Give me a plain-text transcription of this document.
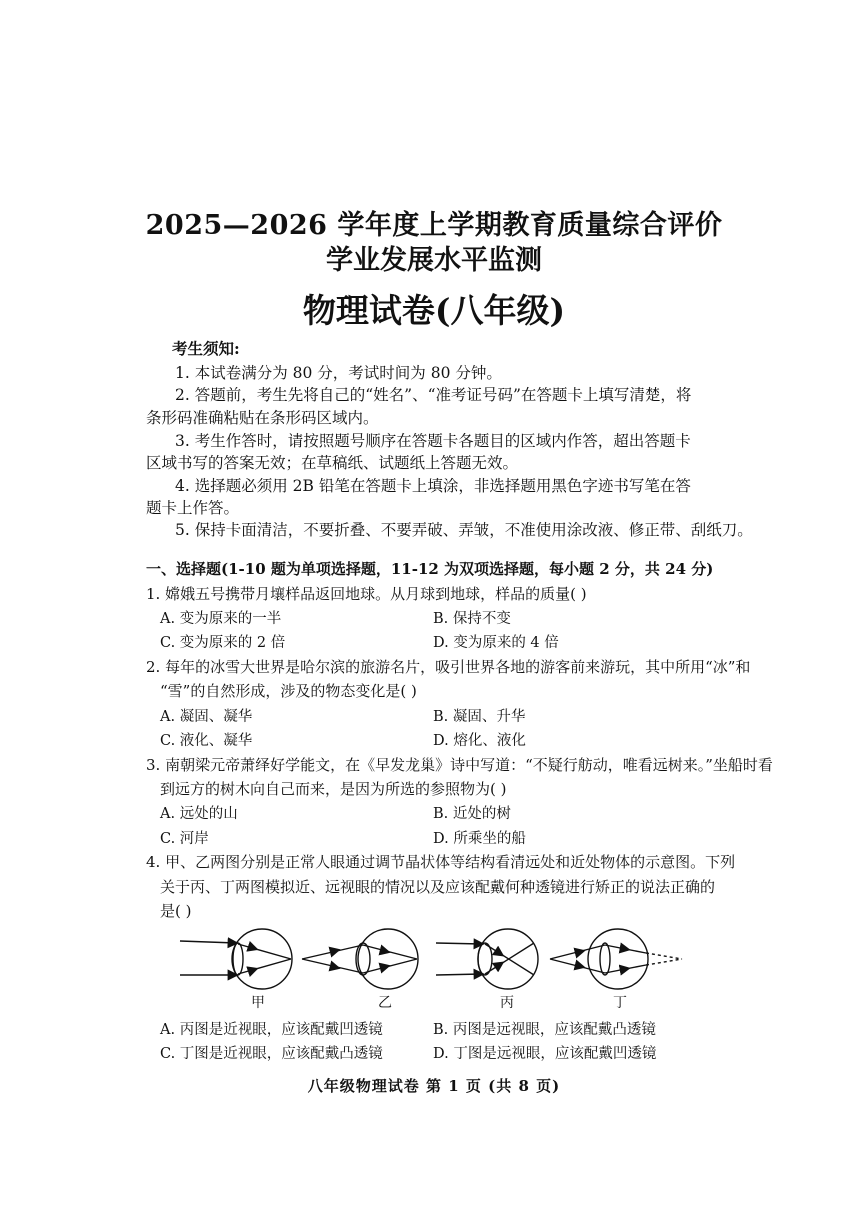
2025—2026 学年度上学期教育质量综合评价
学业发展水平监测
物理试卷(八年级)
考生须知:
1. 本试卷满分为 80 分，考试时间为 80 分钟。
2. 答题前，考生先将自己的“姓名”、“准考证号码”在答题卡上填写清楚，将
条形码准确粘贴在条形码区域内。
3. 考生作答时，请按照题号顺序在答题卡各题目的区域内作答，超出答题卡
区域书写的答案无效；在草稿纸、试题纸上答题无效。
4. 选择题必须用 2B 铅笔在答题卡上填涂，非选择题用黑色字迹书写笔在答
题卡上作答。
5. 保持卡面清洁，不要折叠、不要弄破、弄皱，不准使用涂改液、修正带、刮纸刀。
一、选择题(1-10 题为单项选择题，11-12 为双项选择题，每小题 2 分，共 24 分)
1. 嫦娥五号携带月壤样品返回地球。从月球到地球，样品的质量( )
A. 变为原来的一半	B. 保持不变
C. 变为原来的 2 倍	D. 变为原来的 4 倍
2. 每年的冰雪大世界是哈尔滨的旅游名片，吸引世界各地的游客前来游玩，其中所用“冰”和
“雪”的自然形成，涉及的物态变化是( )
A. 凝固、凝华	B. 凝固、升华
C. 液化、凝华	D. 熔化、液化
3. 南朝梁元帝萧绎好学能文，在《早发龙巢》诗中写道：“不疑行舫动，唯看远树来。”坐船时看
到远方的树木向自己而来，是因为所选的参照物为( )
A. 远处的山	B. 近处的树
C. 河岸	D. 所乘坐的船
4. 甲、乙两图分别是正常人眼通过调节晶状体等结构看清远处和近处物体的示意图。下列
关于丙、丁两图模拟近、远视眼的情况以及应该配戴何种透镜进行矫正的说法正确的
是( )
甲	乙	丙	丁
A. 丙图是近视眼，应该配戴凹透镜	B. 丙图是远视眼，应该配戴凸透镜
C. 丁图是近视眼，应该配戴凸透镜	D. 丁图是远视眼，应该配戴凹透镜
八年级物理试卷 第 1 页 (共 8 页)
